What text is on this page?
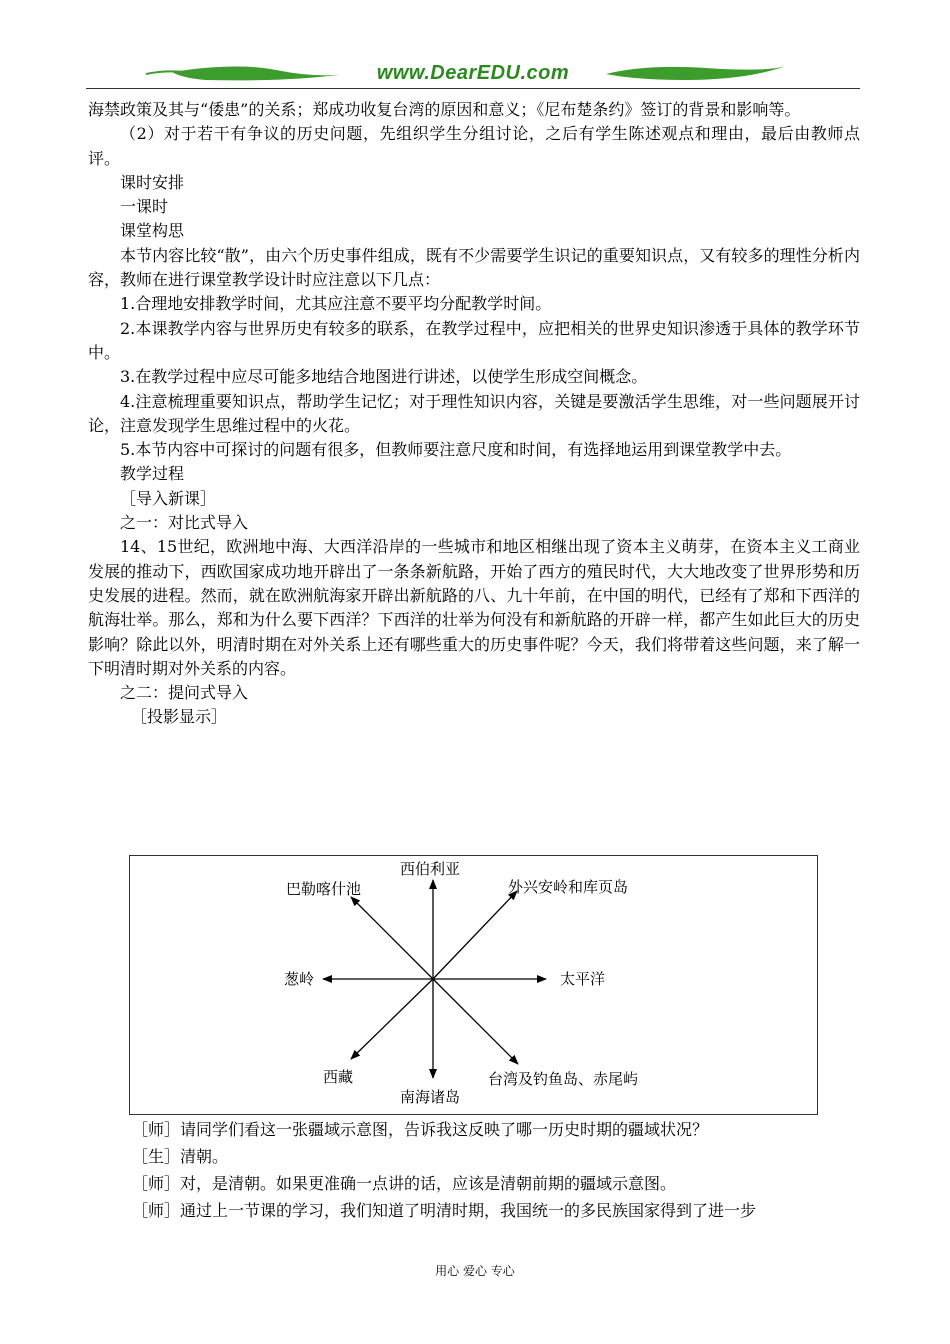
www.DearEDU.com

海禁政策及其与“倭患”的关系；郑成功收复台湾的原因和意义；《尼布楚条约》签订的背景和影响等。

（2）对于若干有争议的历史问题，先组织学生分组讨论，之后有学生陈述观点和理由，最后由教师点评。

课时安排

一课时

课堂构思

本节内容比较“散”，由六个历史事件组成，既有不少需要学生识记的重要知识点，又有较多的理性分析内容，教师在进行课堂教学设计时应注意以下几点：

1.合理地安排教学时间，尤其应注意不要平均分配教学时间。

2.本课教学内容与世界历史有较多的联系，在教学过程中，应把相关的世界史知识渗透于具体的教学环节中。

3.在教学过程中应尽可能多地结合地图进行讲述，以使学生形成空间概念。

4.注意梳理重要知识点，帮助学生记忆；对于理性知识内容，关键是要激活学生思维，对一些问题展开讨论，注意发现学生思维过程中的火花。

5.本节内容中可探讨的问题有很多，但教师要注意尺度和时间，有选择地运用到课堂教学中去。

教学过程

［导入新课］

之一：对比式导入

14、15世纪，欧洲地中海、大西洋沿岸的一些城市和地区相继出现了资本主义萌芽，在资本主义工商业发展的推动下，西欧国家成功地开辟出了一条条新航路，开始了西方的殖民时代，大大地改变了世界形势和历史发展的进程。然而，就在欧洲航海家开辟出新航路的八、九十年前，在中国的明代，已经有了郑和下西洋的航海壮举。那么，郑和为什么要下西洋？下西洋的壮举为何没有和新航路的开辟一样，都产生如此巨大的历史影响？除此以外，明清时期在对外关系上还有哪些重大的历史事件呢？今天，我们将带着这些问题，来了解一下明清时期对外关系的内容。

之二：提问式导入

［投影显示］

西伯利亚
巴勒喀什池	外兴安岭和库页岛
葱岭	太平洋
西藏
南海诸岛
台湾及钓鱼岛、赤尾屿
［师］请同学们看这一张疆域示意图，告诉我这反映了哪一历史时期的疆域状况？
［生］清朝。
［师］对，是清朝。如果更准确一点讲的话，应该是清朝前期的疆域示意图。
［师］通过上一节课的学习，我们知道了明清时期，我国统一的多民族国家得到了进一步
用心 爱心 专心
